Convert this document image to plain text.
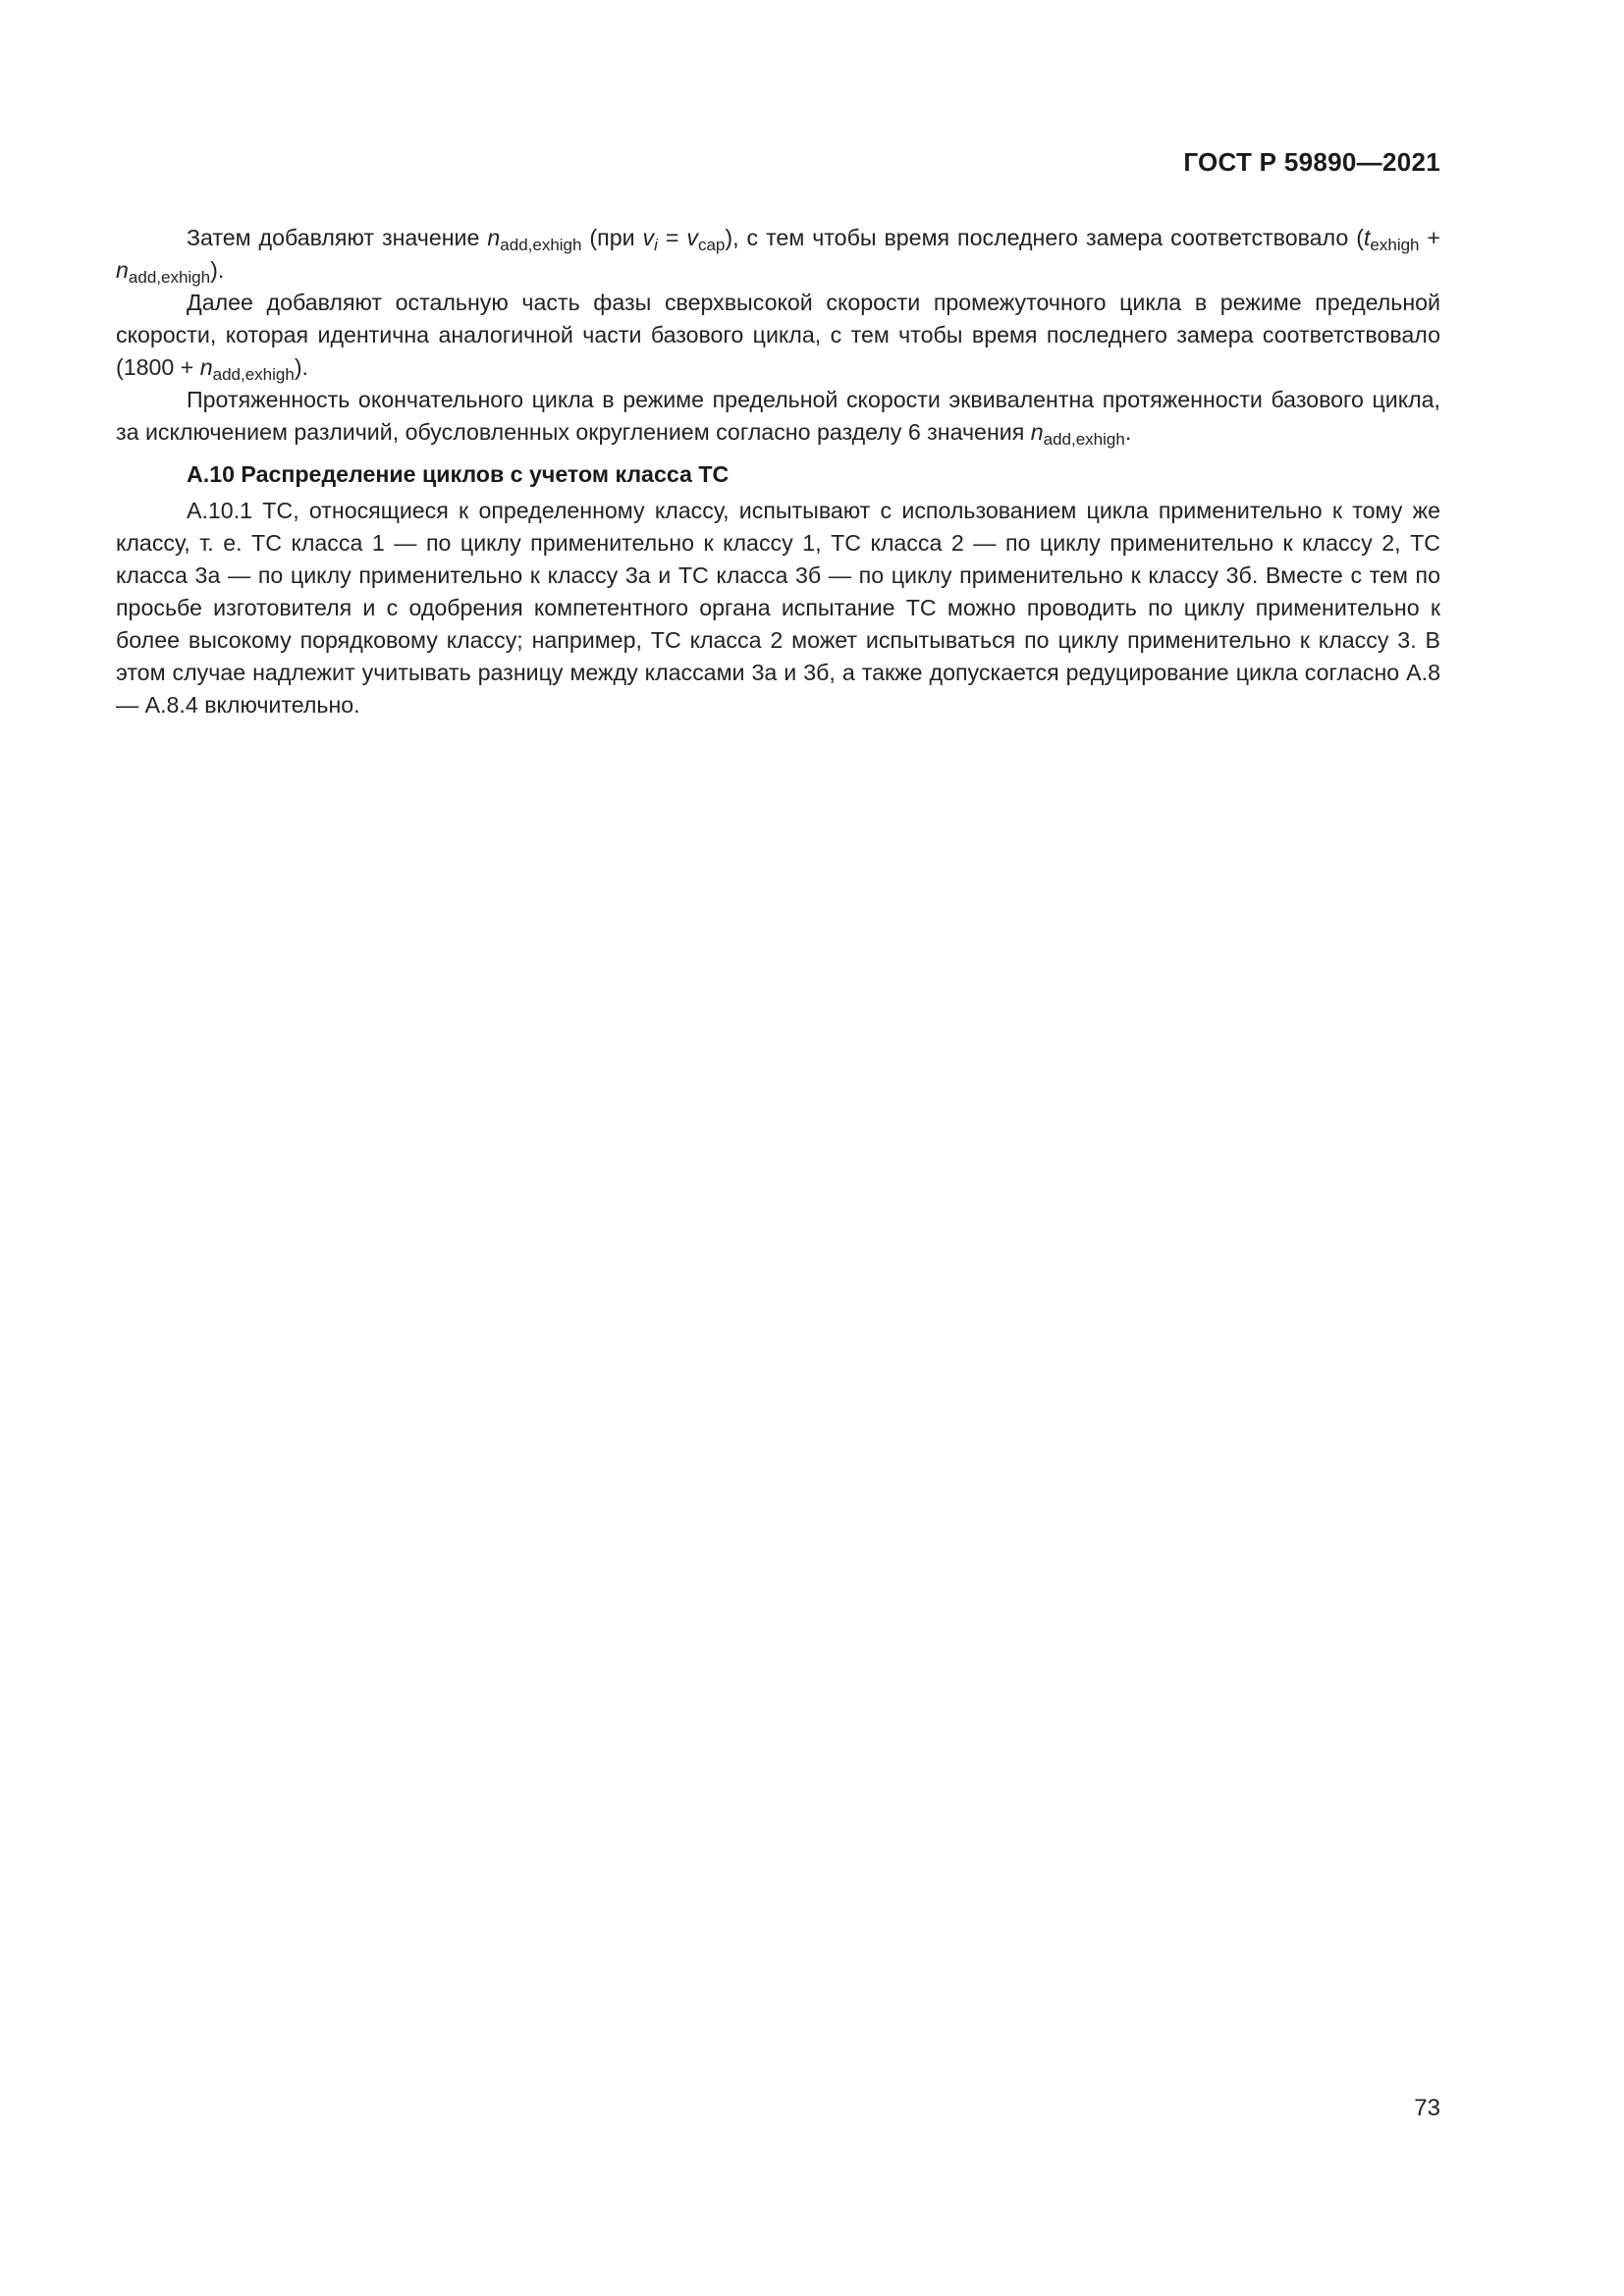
ГОСТ Р 59890—2021

Затем добавляют значение $n_{add,exhigh}$ (при $v_i = v_{cap}$), с тем чтобы время последнего замера соответствовало $(t_{exhigh} + n_{add,exhigh})$.

Далее добавляют остальную часть фазы сверхвысокой скорости промежуточного цикла в режиме предельной скорости, которая идентична аналогичной части базового цикла, с тем чтобы время последнего замера соответствовало $(1800 + n_{add,exhigh})$.

Протяженность окончательного цикла в режиме предельной скорости эквивалентна протяженности базового цикла, за исключением различий, обусловленных округлением согласно разделу 6 значения $n_{add,exhigh}$.

А.10 Распределение циклов с учетом класса ТС

А.10.1 ТС, относящиеся к определенному классу, испытывают с использованием цикла применительно к тому же классу, т. е. ТС класса 1 — по циклу применительно к классу 1, ТС класса 2 — по циклу применительно к классу 2, ТС класса 3а — по циклу применительно к классу 3а и ТС класса 3б — по циклу применительно к классу 3б. Вместе с тем по просьбе изготовителя и с одобрения компетентного органа испытание ТС можно проводить по циклу применительно к более высокому порядковому классу; например, ТС класса 2 может испытываться по циклу применительно к классу 3. В этом случае надлежит учитывать разницу между классами 3а и 3б, а также допускается редуцирование цикла согласно А.8 — А.8.4 включительно.

73
